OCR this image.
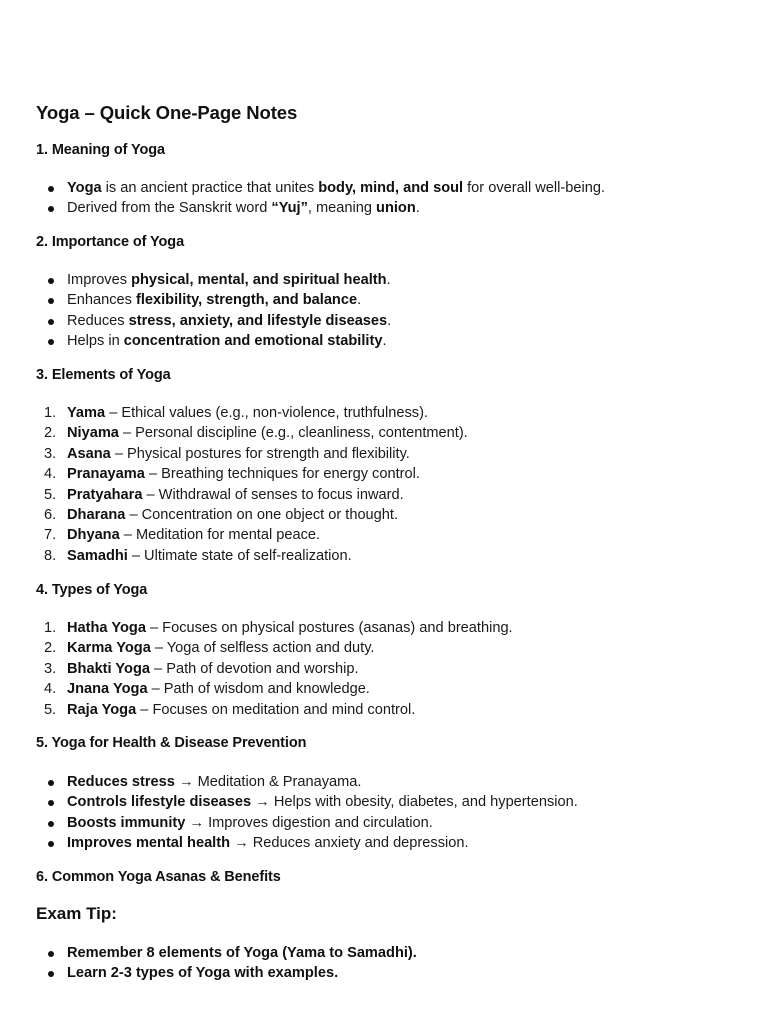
Yoga – Quick One-Page Notes
1. Meaning of Yoga
Yoga is an ancient practice that unites body, mind, and soul for overall well-being.
Derived from the Sanskrit word “Yuj”, meaning union.
2. Importance of Yoga
Improves physical, mental, and spiritual health.
Enhances flexibility, strength, and balance.
Reduces stress, anxiety, and lifestyle diseases.
Helps in concentration and emotional stability.
3. Elements of Yoga
1. Yama – Ethical values (e.g., non-violence, truthfulness).
2. Niyama – Personal discipline (e.g., cleanliness, contentment).
3. Asana – Physical postures for strength and flexibility.
4. Pranayama – Breathing techniques for energy control.
5. Pratyahara – Withdrawal of senses to focus inward.
6. Dharana – Concentration on one object or thought.
7. Dhyana – Meditation for mental peace.
8. Samadhi – Ultimate state of self-realization.
4. Types of Yoga
1. Hatha Yoga – Focuses on physical postures (asanas) and breathing.
2. Karma Yoga – Yoga of selfless action and duty.
3. Bhakti Yoga – Path of devotion and worship.
4. Jnana Yoga – Path of wisdom and knowledge.
5. Raja Yoga – Focuses on meditation and mind control.
5. Yoga for Health & Disease Prevention
Reduces stress → Meditation & Pranayama.
Controls lifestyle diseases → Helps with obesity, diabetes, and hypertension.
Boosts immunity → Improves digestion and circulation.
Improves mental health → Reduces anxiety and depression.
6. Common Yoga Asanas & Benefits
Exam Tip:
Remember 8 elements of Yoga (Yama to Samadhi).
Learn 2-3 types of Yoga with examples.
